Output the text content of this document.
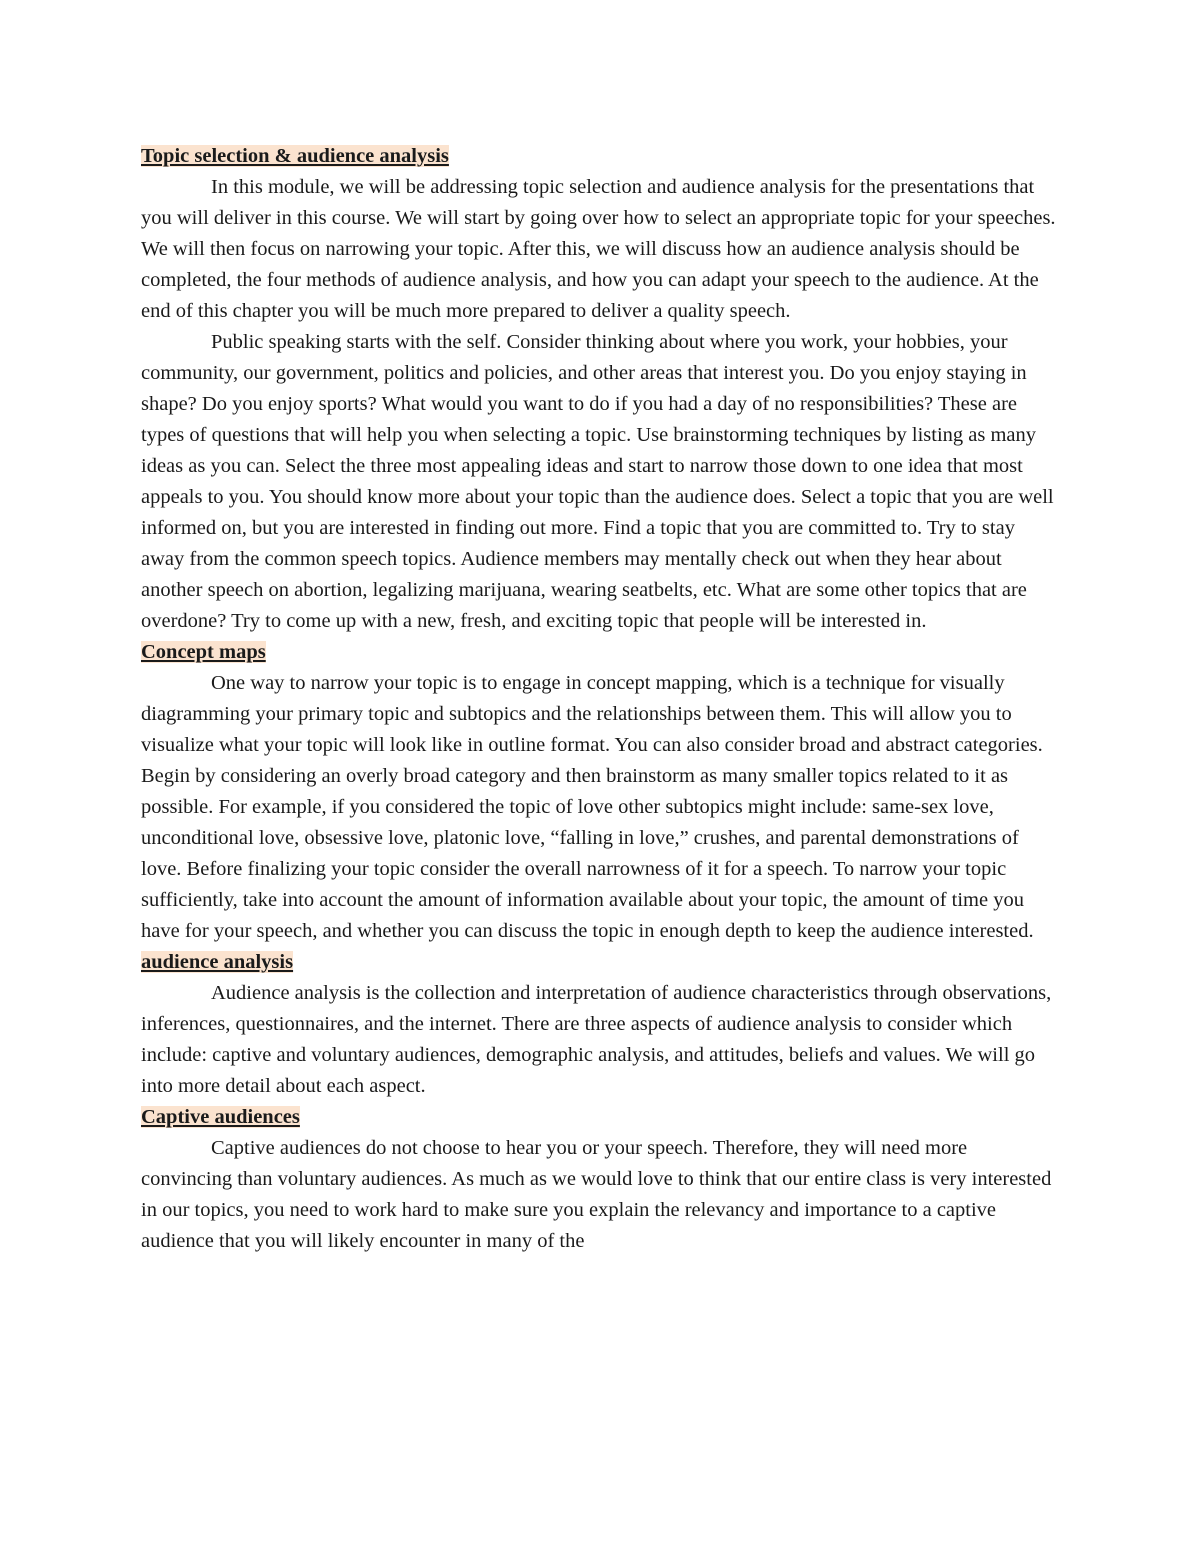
Topic selection & audience analysis

In this module, we will be addressing topic selection and audience analysis for the presentations that you will deliver in this course. We will start by going over how to select an appropriate topic for your speeches. We will then focus on narrowing your topic. After this, we will discuss how an audience analysis should be completed, the four methods of audience analysis, and how you can adapt your speech to the audience. At the end of this chapter you will be much more prepared to deliver a quality speech.

Public speaking starts with the self. Consider thinking about where you work, your hobbies, your community, our government, politics and policies, and other areas that interest you. Do you enjoy staying in shape? Do you enjoy sports? What would you want to do if you had a day of no responsibilities? These are types of questions that will help you when selecting a topic. Use brainstorming techniques by listing as many ideas as you can. Select the three most appealing ideas and start to narrow those down to one idea that most appeals to you. You should know more about your topic than the audience does. Select a topic that you are well informed on, but you are interested in finding out more. Find a topic that you are committed to. Try to stay away from the common speech topics. Audience members may mentally check out when they hear about another speech on abortion, legalizing marijuana, wearing seatbelts, etc. What are some other topics that are overdone? Try to come up with a new, fresh, and exciting topic that people will be interested in.

Concept maps

One way to narrow your topic is to engage in concept mapping, which is a technique for visually diagramming your primary topic and subtopics and the relationships between them. This will allow you to visualize what your topic will look like in outline format. You can also consider broad and abstract categories. Begin by considering an overly broad category and then brainstorm as many smaller topics related to it as possible. For example, if you considered the topic of love other subtopics might include: same-sex love, unconditional love, obsessive love, platonic love, “falling in love,” crushes, and parental demonstrations of love. Before finalizing your topic consider the overall narrowness of it for a speech. To narrow your topic sufficiently, take into account the amount of information available about your topic, the amount of time you have for your speech, and whether you can discuss the topic in enough depth to keep the audience interested.

audience analysis

Audience analysis is the collection and interpretation of audience characteristics through observations, inferences, questionnaires, and the internet. There are three aspects of audience analysis to consider which include: captive and voluntary audiences, demographic analysis, and attitudes, beliefs and values. We will go into more detail about each aspect.

Captive audiences

Captive audiences do not choose to hear you or your speech. Therefore, they will need more convincing than voluntary audiences. As much as we would love to think that our entire class is very interested in our topics, you need to work hard to make sure you explain the relevancy and importance to a captive audience that you will likely encounter in many of the
